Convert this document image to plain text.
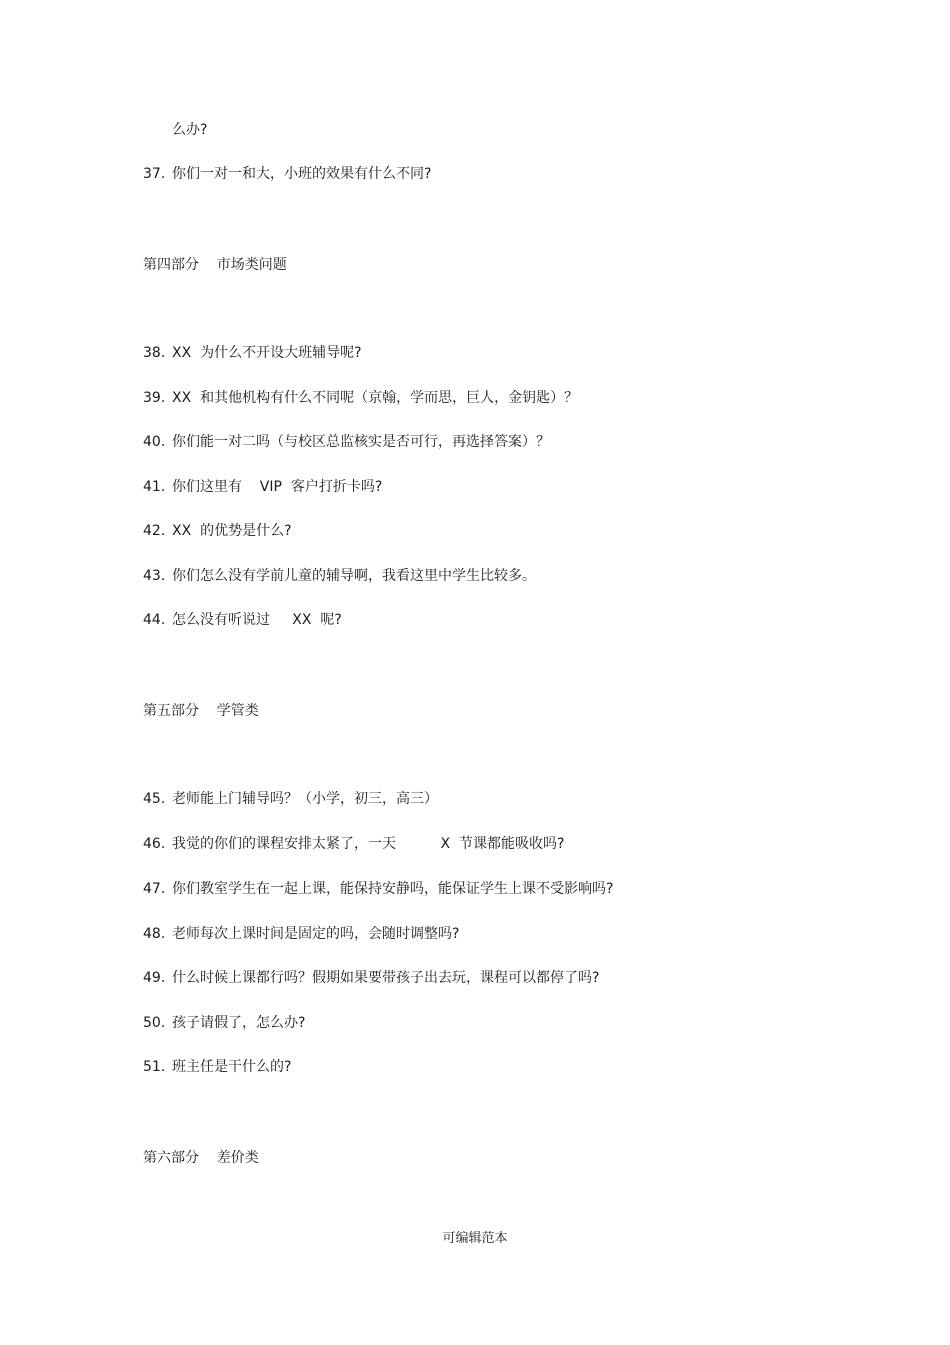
么办?
37. 你们一对一和大，小班的效果有什么不同?
第四部分    市场类问题
38. XX  为什么不开设大班辅导呢?
39. XX  和其他机构有什么不同呢（京翰，学而思，巨人，金钥匙）？
40. 你们能一对二吗（与校区总监核实是否可行，再选择答案）？
41. 你们这里有    VIP  客户打折卡吗?
42. XX  的优势是什么?
43. 你们怎么没有学前儿童的辅导啊，我看这里中学生比较多。
44. 怎么没有听说过     XX  呢?
第五部分    学管类
45. 老师能上门辅导吗？（小学，初三，高三）
46. 我觉的你们的课程安排太紧了，一天          X  节课都能吸收吗?
47. 你们教室学生在一起上课，能保持安静吗，能保证学生上课不受影响吗?
48. 老师每次上课时间是固定的吗，会随时调整吗?
49. 什么时候上课都行吗？假期如果要带孩子出去玩，课程可以都停了吗?
50. 孩子请假了，怎么办?
51. 班主任是干什么的?
第六部分    差价类
可编辑范本
